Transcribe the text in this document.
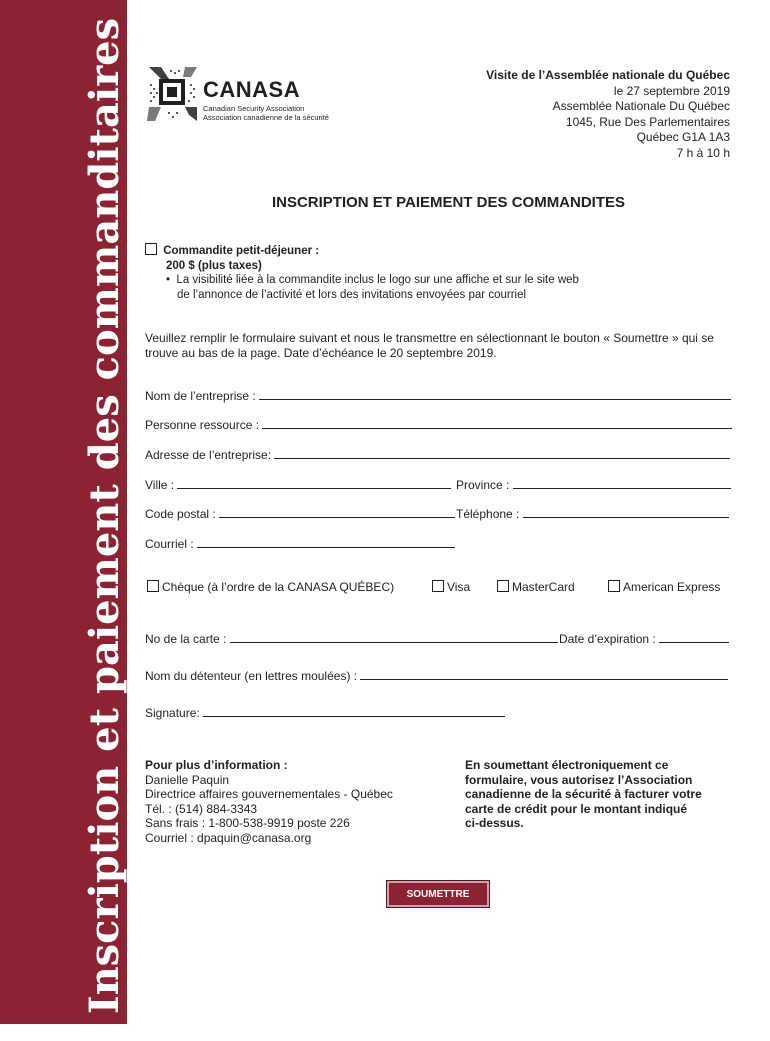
Inscription et paiement des commanditaires	CANASA
Canadian Security Association
Association canadienne de la sécurité
Visite de l’Assemblée nationale du Québec
le 27 septembre 2019
Assemblée Nationale Du Québec
1045, Rue Des Parlementaires
Québec G1A 1A3
7 h à 10 h
INSCRIPTION ET PAIEMENT DES COMMANDITES
Commandite petit-déjeuner :
200 $ (plus taxes)
•  La visibilité liée à la commandite inclus le logo sur une affiche et sur le site web
de l’annonce de l’activité et lors des invitations envoyées par courriel
Veuillez remplir le formulaire suivant et nous le transmettre en sélectionnant le bouton « Soumettre » qui se
trouve au bas de la page. Date d’échéance le 20 septembre 2019.
Nom de l’entreprise :
Personne ressource :
Adresse de l’entreprise:
Ville :	Province :
Code postal :	Téléphone :
Courriel :
Chèque (à l’ordre de la CANASA QUÉBEC)	Visa	MasterCard	American Express
No de la carte :	Date d’expiration :
Nom du détenteur (en lettres moulées) :
Signature:
Pour plus d’information :
Danielle Paquin
Directrice affaires gouvernementales - Québec
Tél. : (514) 884-3343
Sans frais : 1-800-538-9919 poste 226
Courriel : dpaquin@canasa.org
En soumettant électroniquement ce
formulaire, vous autorisez l’Association
canadienne de la sécurité à facturer votre
carte de crédit pour le montant indiqué
ci-dessus.
SOUMETTRE
